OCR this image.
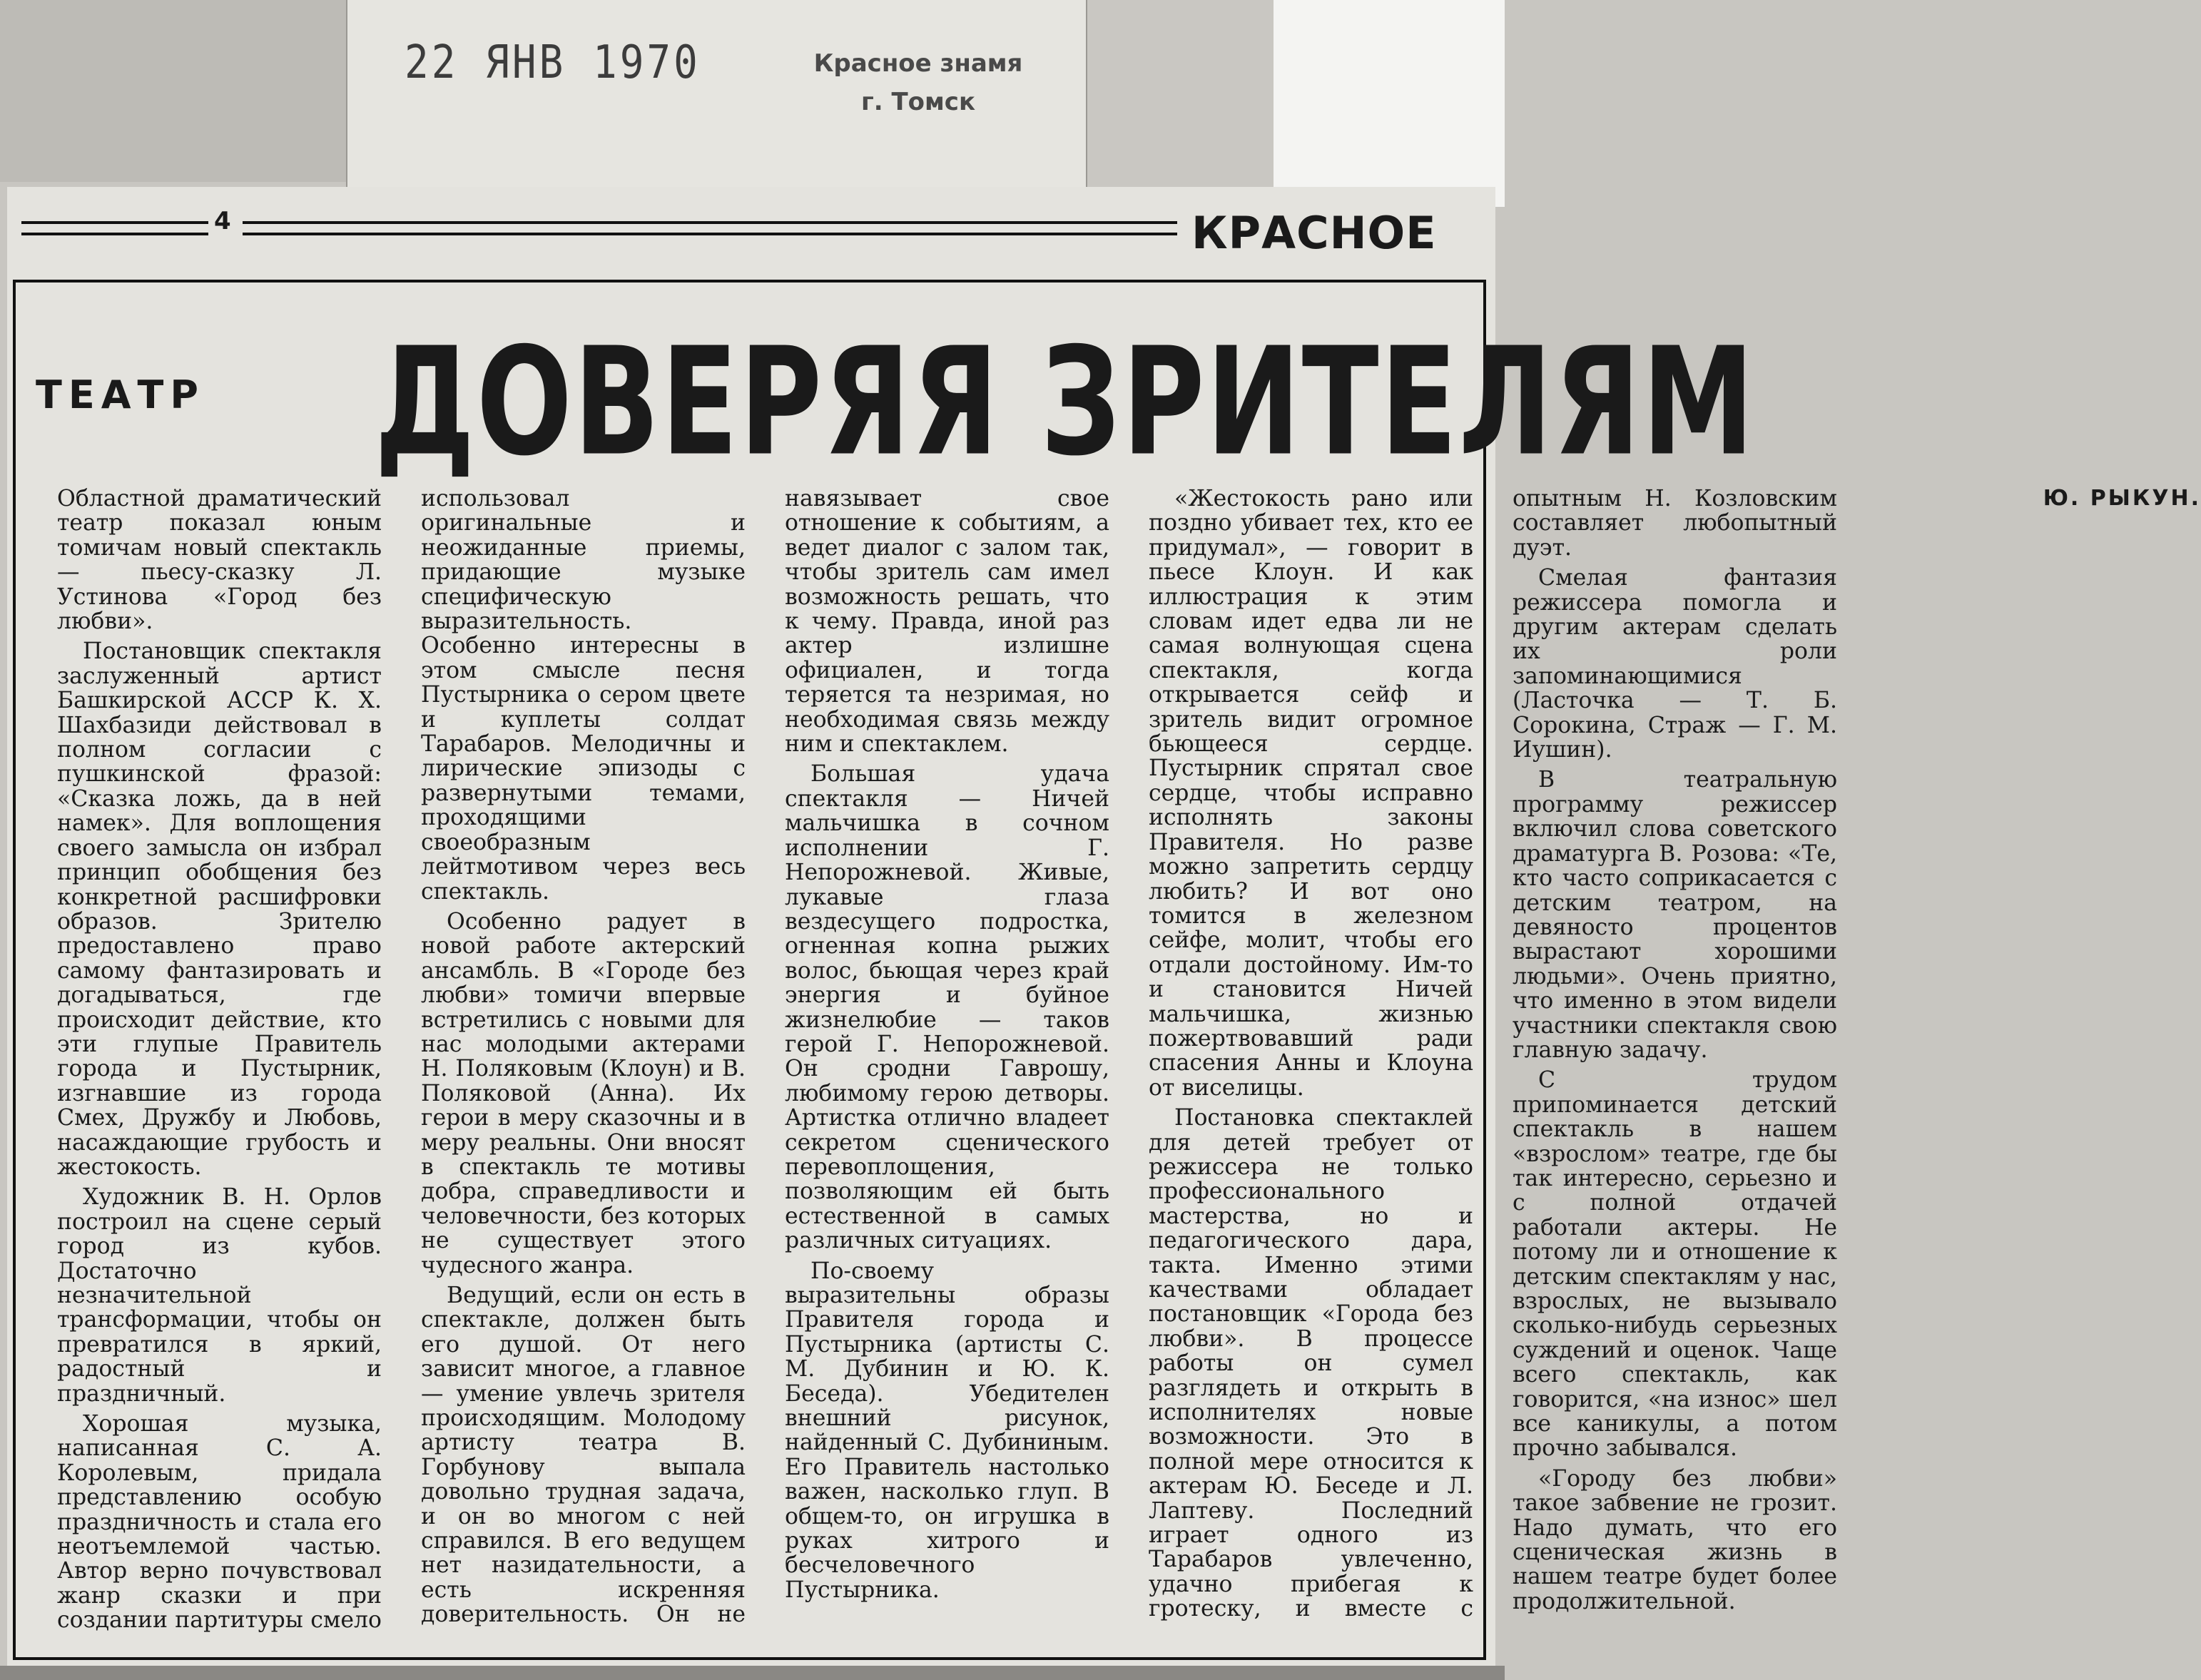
22 ЯНВ 1970	Красное знамя
г. Томск
4	КРАСНОЕ
ТЕАТР ДОВЕРЯЯ ЗРИТЕЛЯМ

Областной драматический театр показал юным томичам новый спектакль — пьесу-сказку Л. Устинова «Город без любви».

Постановщик спектакля заслуженный артист Башкирской АССР К. Х. Шахбазиди действовал в полном согласии с пушкинской фразой: «Сказка ложь, да в ней намек». Для воплощения своего замысла он избрал принцип обобщения без конкретной расшифровки образов. Зрителю предоставлено право самому фантазировать и догадываться, где происходит действие, кто эти глупые Правитель города и Пустырник, изгнавшие из города Смех, Дружбу и Любовь, насаждающие грубость и жестокость.

Художник В. Н. Орлов построил на сцене серый город из кубов. Достаточно незначительной трансформации, чтобы он превратился в яркий, радостный и праздничный.

Хорошая музыка, написанная С. А. Королевым, придала представлению особую праздничность и стала его неотъемлемой частью. Автор верно почувствовал жанр сказки и при создании партитуры смело использовал оригинальные и неожиданные приемы, придающие музыке специфическую выразительность. Особенно интересны в этом смысле песня Пустырника о сером цвете и куплеты солдат Тарабаров. Мелодичны и лирические эпизоды с развернутыми темами, проходящими своеобразным лейтмотивом через весь спектакль.

Особенно радует в новой работе актерский ансамбль. В «Городе без любви» томичи впервые встретились с новыми для нас молодыми актерами Н. Поляковым (Клоун) и В. Поляковой (Анна). Их герои в меру сказочны и в меру реальны. Они вносят в спектакль те мотивы добра, справедливости и человечности, без которых не существует этого чудесного жанра.

Ведущий, если он есть в спектакле, должен быть его душой. От него зависит многое, а главное — умение увлечь зрителя происходящим. Молодому артисту театра В. Горбунову выпала довольно трудная задача, и он во многом с ней справился. В его ведущем нет назидательности, а есть искренняя доверительность. Он не навязывает свое отношение к событиям, а ведет диалог с залом так, чтобы зритель сам имел возможность решать, что к чему. Правда, иной раз актер излишне официален, и тогда теряется та незримая, но необходимая связь между ним и спектаклем.

Большая удача спектакля — Ничей мальчишка в сочном исполнении Г. Непорожневой. Живые, лукавые глаза вездесущего подростка, огненная копна рыжих волос, бьющая через край энергия и буйное жизнелюбие — таков герой Г. Непорожневой. Он сродни Гаврошу, любимому герою детворы. Артистка отлично владеет секретом сценического перевоплощения, позволяющим ей быть естественной в самых различных ситуациях.

По-своему выразительны образы Правителя города и Пустырника (артисты С. М. Дубинин и Ю. К. Беседа). Убедителен внешний рисунок, найденный С. Дубининым. Его Правитель настолько важен, насколько глуп. В общем-то, он игрушка в руках хитрого и бесчеловечного Пустырника.

«Жестокость рано или поздно убивает тех, кто ее придумал», — говорит в пьесе Клоун. И как иллюстрация к этим словам идет едва ли не самая волнующая сцена спектакля, когда открывается сейф и зритель видит огромное бьющееся сердце. Пустырник спрятал свое сердце, чтобы исправно исполнять законы Правителя. Но разве можно запретить сердцу любить? И вот оно томится в железном сейфе, молит, чтобы его отдали достойному. Им-то и становится Ничей мальчишка, жизнью пожертвовавший ради спасения Анны и Клоуна от виселицы.

Постановка спектаклей для детей требует от режиссера не только профессионального мастерства, но и педагогического дара, такта. Именно этими качествами обладает постановщик «Города без любви». В процессе работы он сумел разглядеть и открыть в исполнителях новые возможности. Это в полной мере относится к актерам Ю. Беседе и Л. Лаптеву. Последний играет одного из Тарабаров увлеченно, удачно прибегая к гротеску, и вместе с опытным Н. Козловским составляет любопытный дуэт.

Смелая фантазия режиссера помогла и другим актерам сделать их роли запоминающимися (Ласточка — Т. Б. Сорокина, Страж — Г. М. Иушин).

В театральную программу режиссер включил слова советского драматурга В. Розова: «Те, кто часто соприкасается с детским театром, на девяносто процентов вырастают хорошими людьми». Очень приятно, что именно в этом видели участники спектакля свою главную задачу.

С трудом припоминается детский спектакль в нашем «взрослом» театре, где бы так интересно, серьезно и с полной отдачей работали актеры. Не потому ли и отношение к детским спектаклям у нас, взрослых, не вызывало сколько-нибудь серьезных суждений и оценок. Чаще всего спектакль, как говорится, «на износ» шел все каникулы, а потом прочно забывался.

«Городу без любви» такое забвение не грозит. Надо думать, что его сценическая жизнь в нашем театре будет более продолжительной.

Ю. РЫКУН.
